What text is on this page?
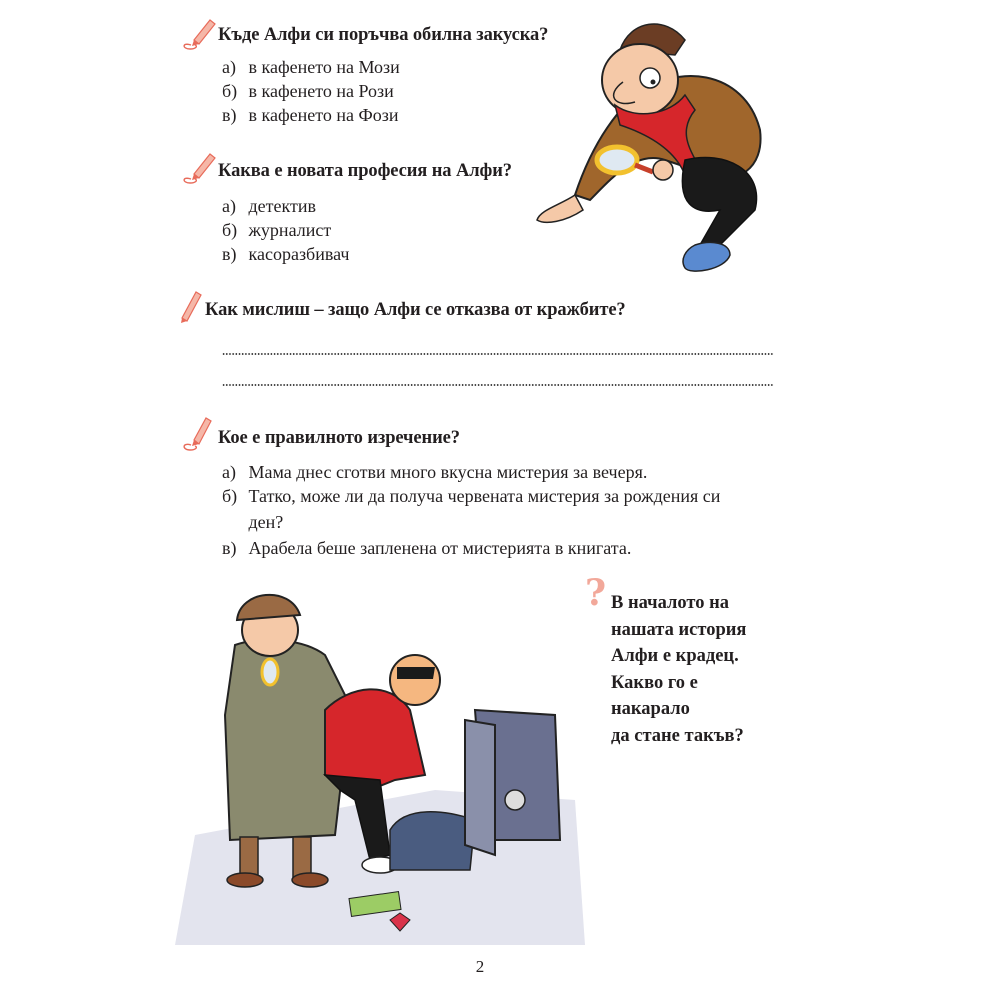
Къде Алфи си поръчва обилна закуска?
а) в кафенето на Мози
б) в кафенето на Рози
в) в кафенето на Фози
Каква е новата професия на Алфи?
а) детектив
б) журналист
в) касоразбивач
Как мислиш – защо Алфи се отказва от кражбите?
Кое е правилното изречение?
а) Мама днес сготви много вкусна мистерия за вечеря.
б) Татко, може ли да получа червената мистерия за рождения си
ден?
в) Арабела беше запленена от мистерията в книгата.
? В началото на
нашата история
Алфи е крадец.
Какво го е
накарало
да стане такъв?
2
